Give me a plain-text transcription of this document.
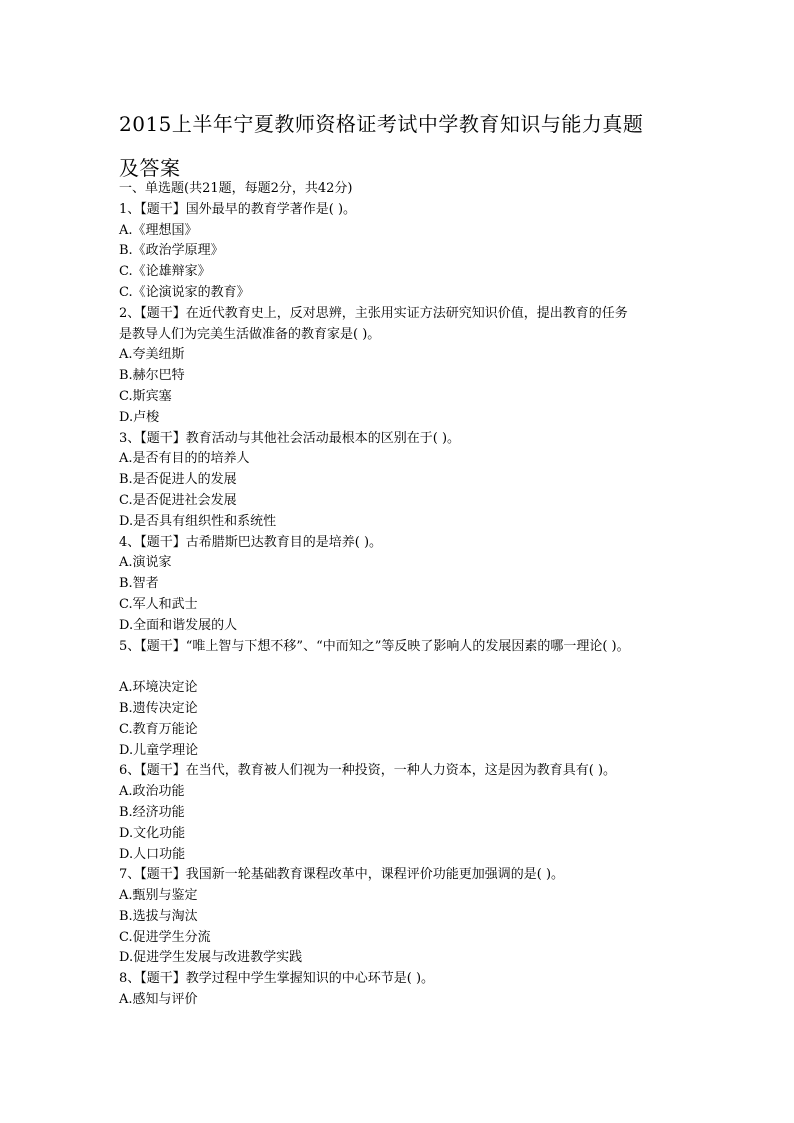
2015上半年宁夏教师资格证考试中学教育知识与能力真题
及答案
一、单选题(共21题，每题2分，共42分)
1、【题干】国外最早的教育学著作是( )。
A.《理想国》
B.《政治学原理》
C.《论雄辩家》
C.《论演说家的教育》
2、【题干】在近代教育史上，反对思辨，主张用实证方法研究知识价值，提出教育的任务
是教导人们为完美生活做准备的教育家是( )。
A.夸美纽斯
B.赫尔巴特
C.斯宾塞
D.卢梭
3、【题干】教育活动与其他社会活动最根本的区别在于( )。
A.是否有目的的培养人
B.是否促进人的发展
C.是否促进社会发展
D.是否具有组织性和系统性
4、【题干】古希腊斯巴达教育目的是培养( )。
A.演说家
B.智者
C.军人和武士
D.全面和谐发展的人
5、【题干】“唯上智与下想不移”、“中而知之”等反映了影响人的发展因素的哪一理论( )。
A.环境决定论
B.遗传决定论
C.教育万能论
D.儿童学理论
6、【题干】在当代，教育被人们视为一种投资，一种人力资本，这是因为教育具有( )。
A.政治功能
B.经济功能
D.文化功能
D.人口功能
7、【题干】我国新一轮基础教育课程改革中，课程评价功能更加强调的是( )。
A.甄别与鉴定
B.选拔与淘汰
C.促进学生分流
D.促进学生发展与改进教学实践
8、【题干】教学过程中学生掌握知识的中心环节是( )。
A.感知与评价
